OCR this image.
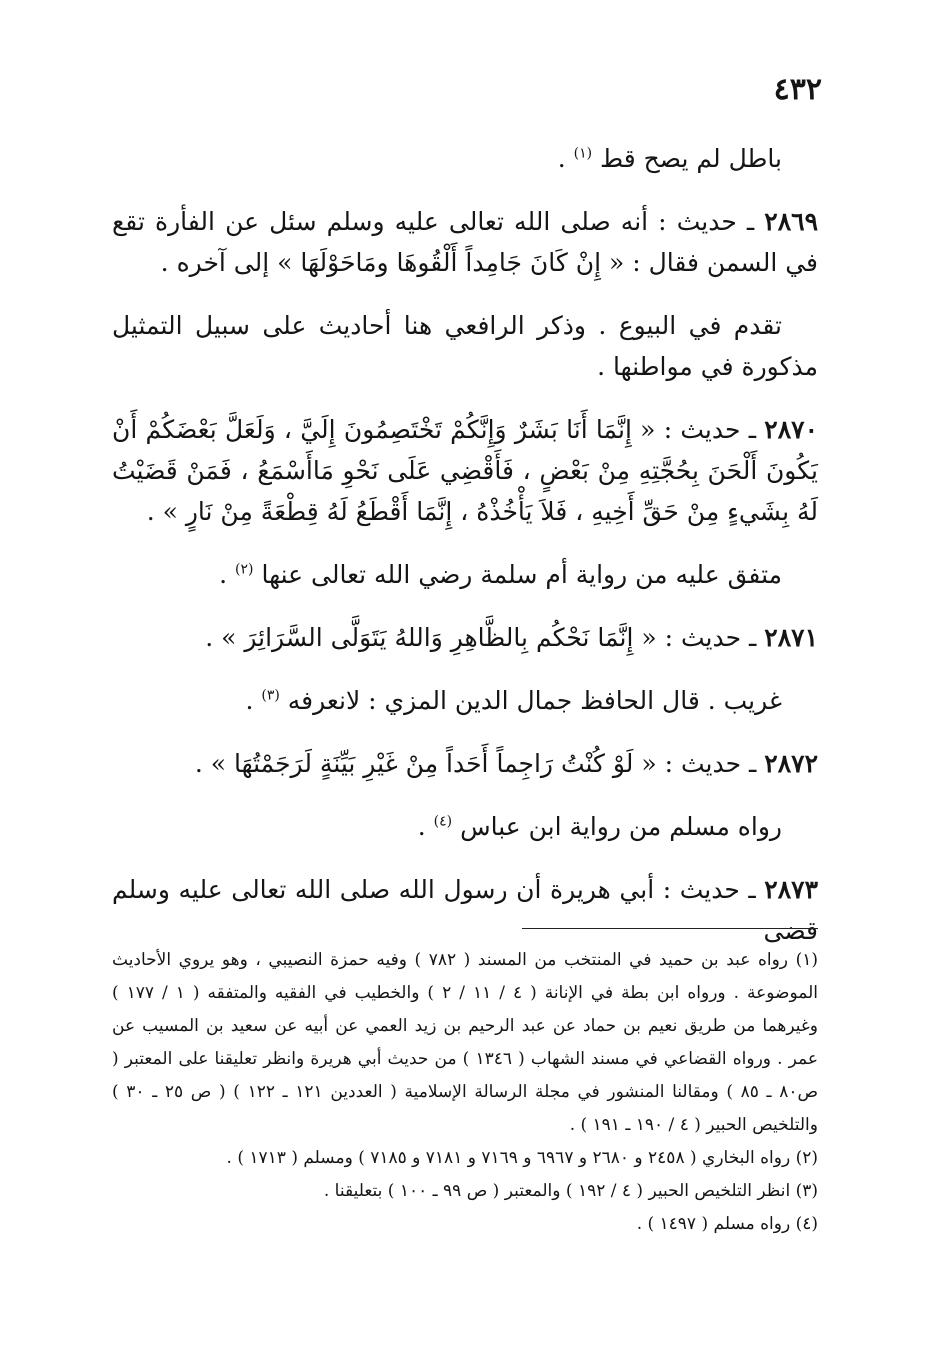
٤٣٢

باطل لم يصح قط $^{(١)}$ .

٢٨٦٩ ـ حديث : أنه صلى الله تعالى عليه وسلم سئل عن الفأرة تقع في السمن فقال : « إِنْ كَانَ جَامِداً أَلْقُوهَا ومَاحَوْلَهَا » إلى آخره .

تقدم في البيوع . وذكر الرافعي هنا أحاديث على سبيل التمثيل مذكورة في مواطنها .

٢٨٧٠ ـ حديث : « إِنَّمَا أَنَا بَشَرٌ وَإِنَّكُمْ تَخْتَصِمُونَ إِلَيَّ ، وَلَعَلَّ بَعْضَكُمْ أَنْ يَكُونَ أَلْحَنَ بِحُجَّتِهِ مِنْ بَعْضٍ ، فَأَقْضِي عَلَى نَحْوِ مَاأَسْمَعُ ، فَمَنْ قَضَيْتُ لَهُ بِشَيءٍ مِنْ حَقِّ أَخِيهِ ، فَلاَ يَأْخُذْهُ ، إِنَّمَا أَقْطَعُ لَهُ قِطْعَةً مِنْ نَارٍ » .

متفق عليه من رواية أم سلمة رضي الله تعالى عنها $^{(٢)}$ .

٢٨٧١ ـ حديث : « إِنَّمَا نَحْكُم بِالظَّاهِرِ وَاللهُ يَتَوَلَّى السَّرَائِرَ » .

غريب . قال الحافظ جمال الدين المزي : لانعرفه $^{(٣)}$ .

٢٨٧٢ ـ حديث : « لَوْ كُنْتُ رَاجِماً أَحَداً مِنْ غَيْرِ بَيِّنَةٍ لَرَجَمْتُهَا » .

رواه مسلم من رواية ابن عباس $^{(٤)}$ .

٢٨٧٣ ـ حديث : أبي هريرة أن رسول الله صلى الله تعالى عليه وسلم قضى

(١) رواه عبد بن حميد في المنتخب من المسند ( ٧٨٢ ) وفيه حمزة النصيبي ، وهو يروي الأحاديث الموضوعة . ورواه ابن بطة في الإنانة ( ٤ / ١١ / ٢ ) والخطيب في الفقيه والمتفقه ( ١ / ١٧٧ ) وغيرهما من طريق نعيم بن حماد عن عبد الرحيم بن زيد العمي عن أبيه عن سعيد بن المسيب عن عمر . ورواه القضاعي في مسند الشهاب ( ١٣٤٦ ) من حديث أبي هريرة وانظر تعليقنا على المعتبر ( ص٨٠ ـ ٨٥ ) ومقالنا المنشور في مجلة الرسالة الإسلامية ( العددين ١٢١ ـ ١٢٢ ) ( ص ٢٥ ـ ٣٠ ) والتلخيص الحبير ( ٤ / ١٩٠ ـ ١٩١ ) .

(٢) رواه البخاري ( ٢٤٥٨ و ٢٦٨٠ و ٦٩٦٧ و ٧١٦٩ و ٧١٨١ و ٧١٨٥ ) ومسلم ( ١٧١٣ ) .

(٣) انظر التلخيص الحبير ( ٤ / ١٩٢ ) والمعتبر ( ص ٩٩ ـ ١٠٠ ) بتعليقنا .

(٤) رواه مسلم ( ١٤٩٧ ) .
